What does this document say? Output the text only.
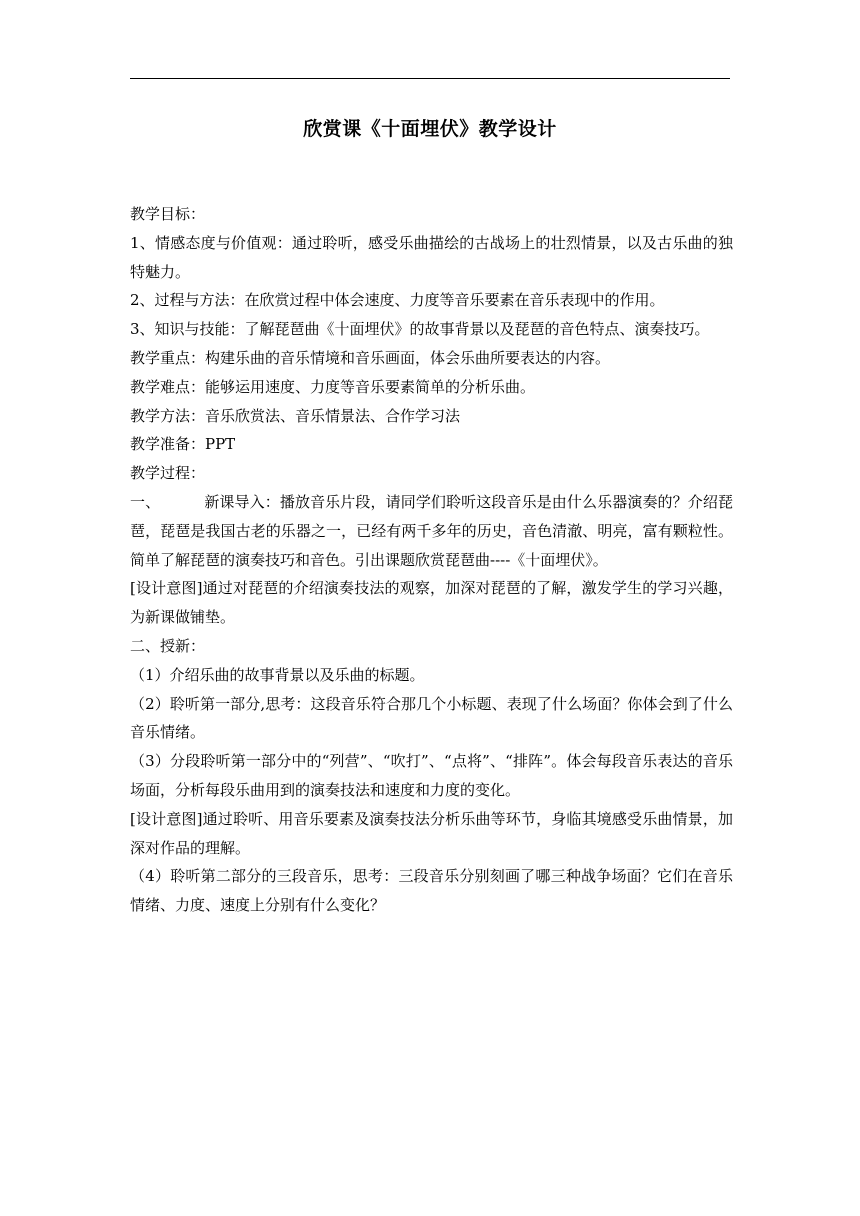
欣赏课《十面埋伏》教学设计

教学目标：

1、情感态度与价值观：通过聆听，感受乐曲描绘的古战场上的壮烈情景，以及古乐曲的独特魅力。

2、过程与方法：在欣赏过程中体会速度、力度等音乐要素在音乐表现中的作用。

3、知识与技能：了解琵琶曲《十面埋伏》的故事背景以及琵琶的音色特点、演奏技巧。

教学重点：构建乐曲的音乐情境和音乐画面，体会乐曲所要表达的内容。

教学难点：能够运用速度、力度等音乐要素简单的分析乐曲。

教学方法：音乐欣赏法、音乐情景法、合作学习法

教学准备：PPT

教学过程：

一、	新课导入：播放音乐片段，请同学们聆听这段音乐是由什么乐器演奏的？介绍琵琶，琵琶是我国古老的乐器之一，已经有两千多年的历史，音色清澈、明亮，富有颗粒性。简单了解琵琶的演奏技巧和音色。引出课题欣赏琵琶曲----《十面埋伏》。

[设计意图]通过对琵琶的介绍演奏技法的观察，加深对琵琶的了解，激发学生的学习兴趣，为新课做铺垫。

二、授新：

（1）介绍乐曲的故事背景以及乐曲的标题。

（2）聆听第一部分,思考：这段音乐符合那几个小标题、表现了什么场面？你体会到了什么音乐情绪。

（3）分段聆听第一部分中的“列营”、“吹打”、“点将”、“排阵”。体会每段音乐表达的音乐场面，分析每段乐曲用到的演奏技法和速度和力度的变化。

[设计意图]通过聆听、用音乐要素及演奏技法分析乐曲等环节，身临其境感受乐曲情景，加深对作品的理解。

（4）聆听第二部分的三段音乐，思考：三段音乐分别刻画了哪三种战争场面？它们在音乐情绪、力度、速度上分别有什么变化？
